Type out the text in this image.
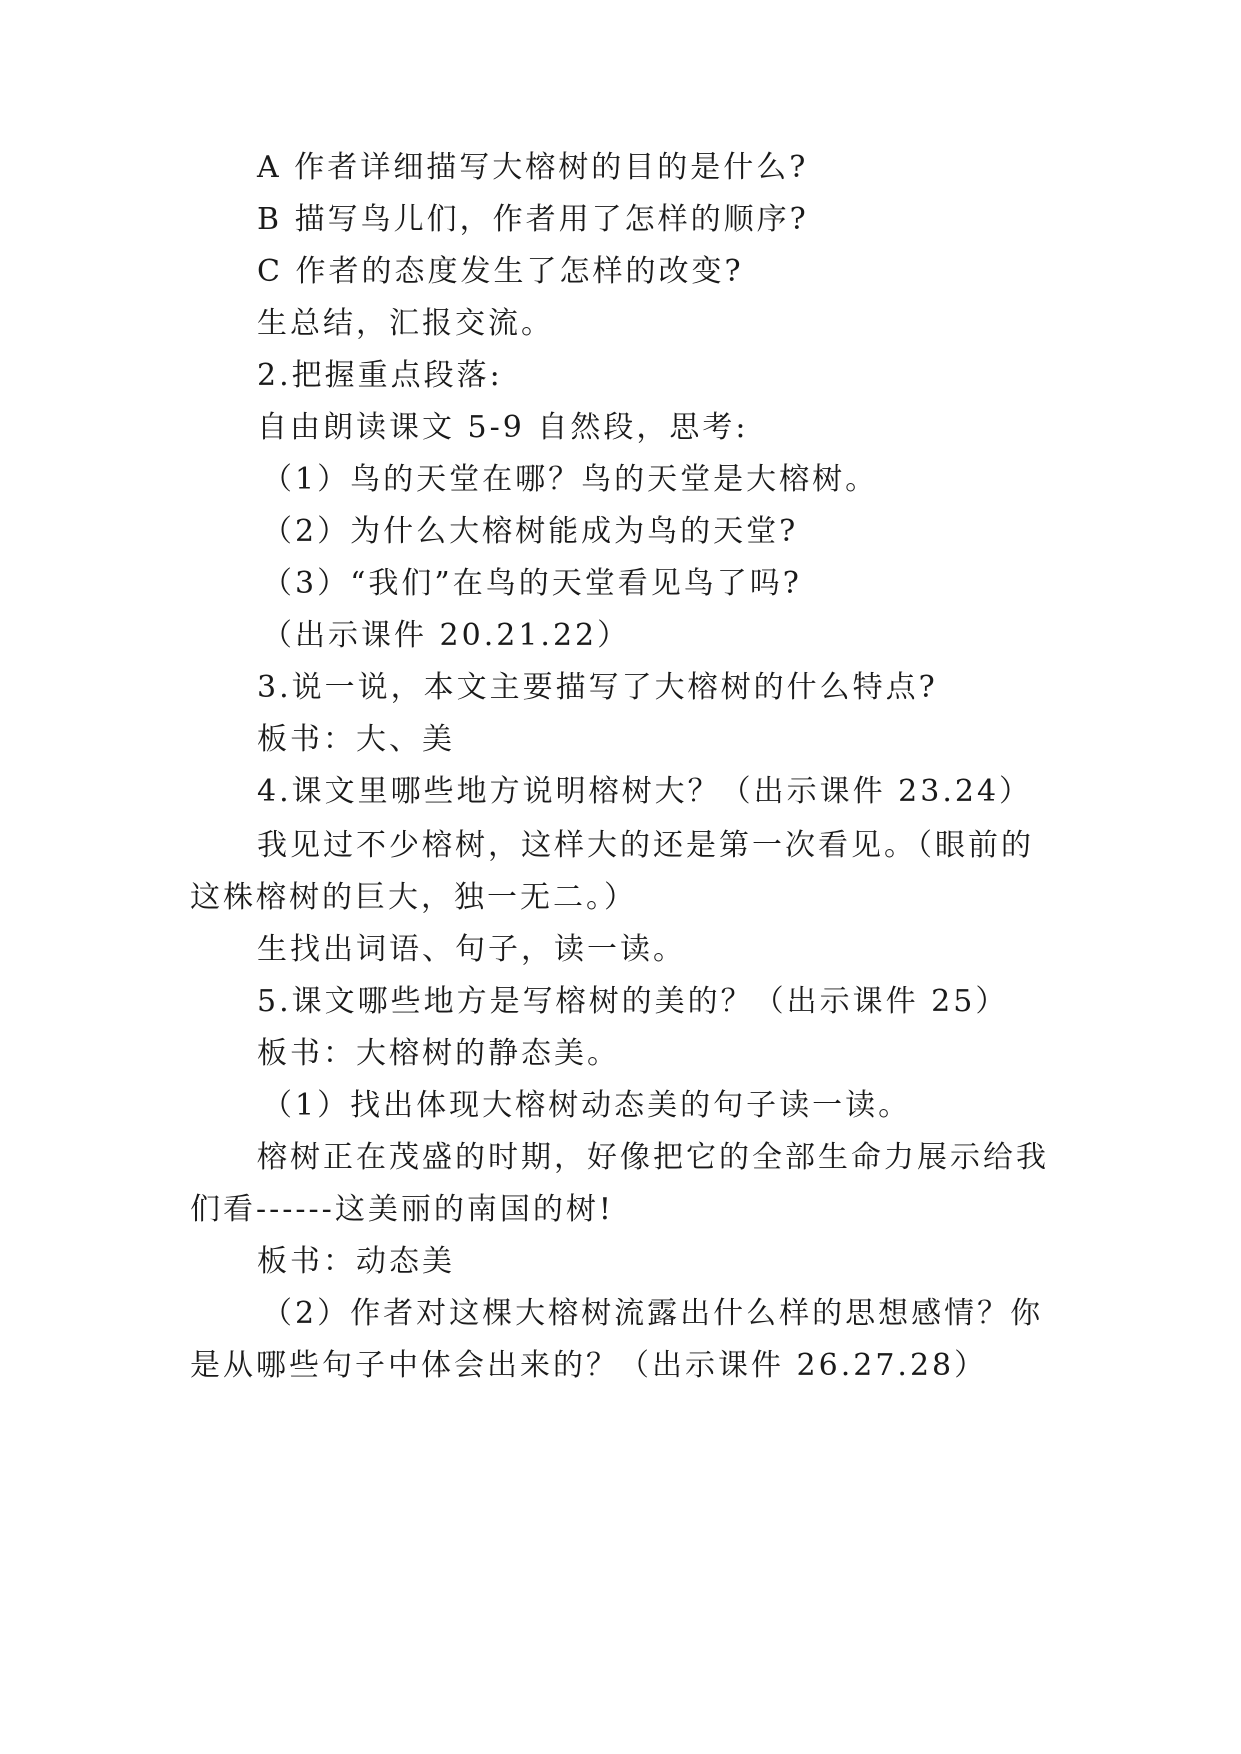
A 作者详细描写大榕树的目的是什么?
B 描写鸟儿们，作者用了怎样的顺序?
C 作者的态度发生了怎样的改变?
生总结，汇报交流。
2.把握重点段落:
自由朗读课文 5-9 自然段，思考:
（1）鸟的天堂在哪？鸟的天堂是大榕树。
（2）为什么大榕树能成为鸟的天堂?
（3）“我们”在鸟的天堂看见鸟了吗?
（出示课件 20.21.22）
3.说一说，本文主要描写了大榕树的什么特点?
板书：大、美
4.课文里哪些地方说明榕树大？（出示课件 23.24）
我见过不少榕树，这样大的还是第一次看见。（眼前的
这株榕树的巨大，独一无二。）
生找出词语、句子，读一读。
5.课文哪些地方是写榕树的美的？（出示课件 25）
板书：大榕树的静态美。
（1）找出体现大榕树动态美的句子读一读。
榕树正在茂盛的时期，好像把它的全部生命力展示给我
们看------这美丽的南国的树!
板书：动态美
（2）作者对这棵大榕树流露出什么样的思想感情？你
是从哪些句子中体会出来的？（出示课件 26.27.28）
